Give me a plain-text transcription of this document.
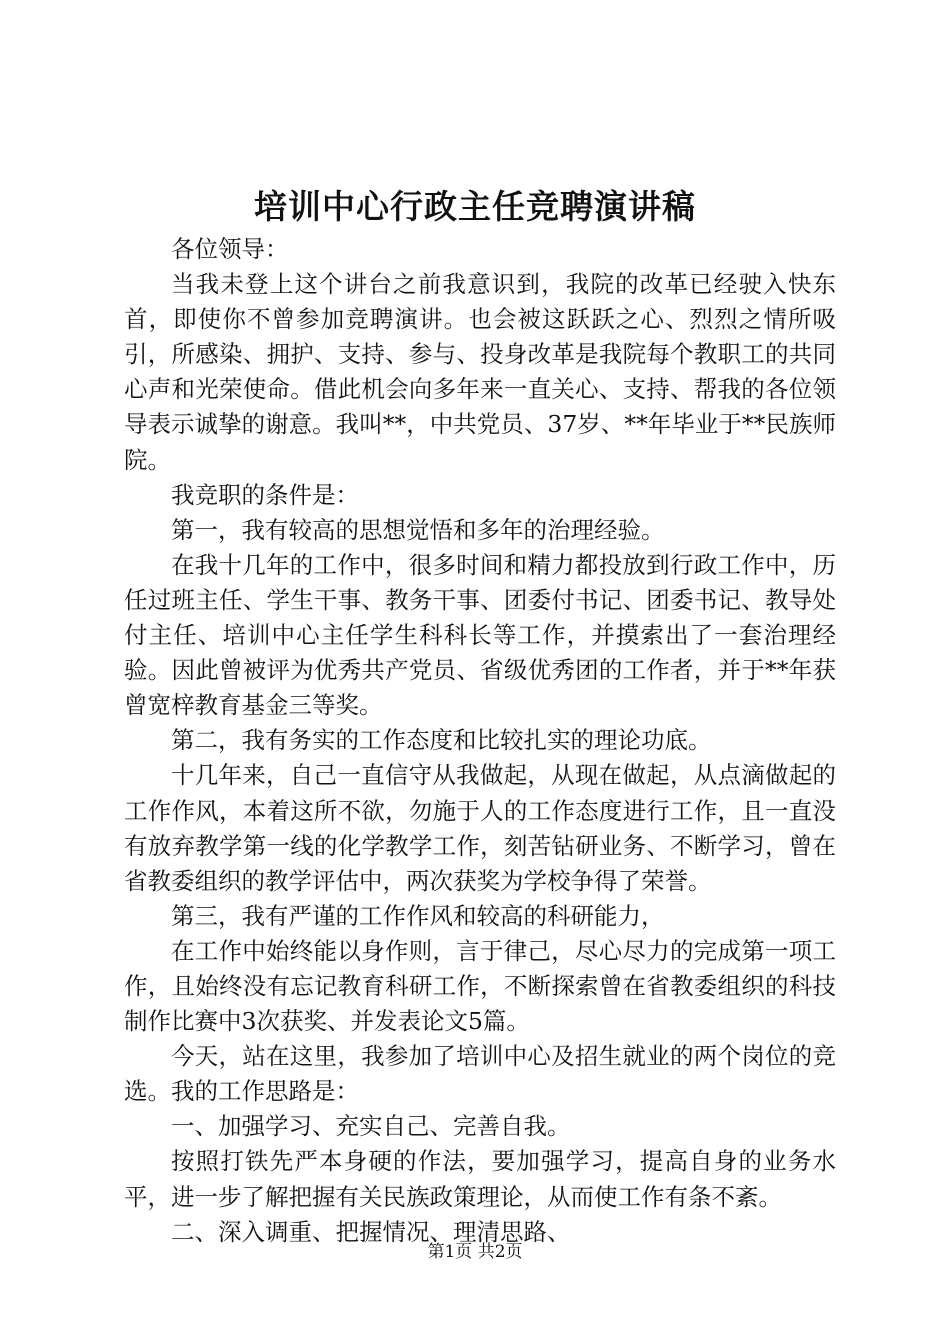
培训中心行政主任竞聘演讲稿

各位领导：

当我未登上这个讲台之前我意识到，我院的改革已经驶入快东首，即使你不曾参加竞聘演讲。也会被这跃跃之心、烈烈之情所吸引，所感染、拥护、支持、参与、投身改革是我院每个教职工的共同心声和光荣使命。借此机会向多年来一直关心、支持、帮我的各位领导表示诚挚的谢意。我叫**，中共党员、37岁、**年毕业于**民族师院。

我竞职的条件是：

第一，我有较高的思想觉悟和多年的治理经验。

在我十几年的工作中，很多时间和精力都投放到行政工作中，历任过班主任、学生干事、教务干事、团委付书记、团委书记、教导处付主任、培训中心主任学生科科长等工作，并摸索出了一套治理经验。因此曾被评为优秀共产党员、省级优秀团的工作者，并于**年获曾宽梓教育基金三等奖。

第二，我有务实的工作态度和比较扎实的理论功底。

十几年来，自己一直信守从我做起，从现在做起，从点滴做起的工作作风，本着这所不欲，勿施于人的工作态度进行工作，且一直没有放弃教学第一线的化学教学工作，刻苦钻研业务、不断学习，曾在省教委组织的教学评估中，两次获奖为学校争得了荣誉。

第三，我有严谨的工作作风和较高的科研能力，

在工作中始终能以身作则，言于律己，尽心尽力的完成第一项工作，且始终没有忘记教育科研工作，不断探索曾在省教委组织的科技制作比赛中3次获奖、并发表论文5篇。

今天，站在这里，我参加了培训中心及招生就业的两个岗位的竞选。我的工作思路是：

一、加强学习、充实自己、完善自我。

按照打铁先严本身硬的作法，要加强学习，提高自身的业务水平，进一步了解把握有关民族政策理论，从而使工作有条不紊。

二、深入调重、把握情况、理清思路、

第1页 共2页
